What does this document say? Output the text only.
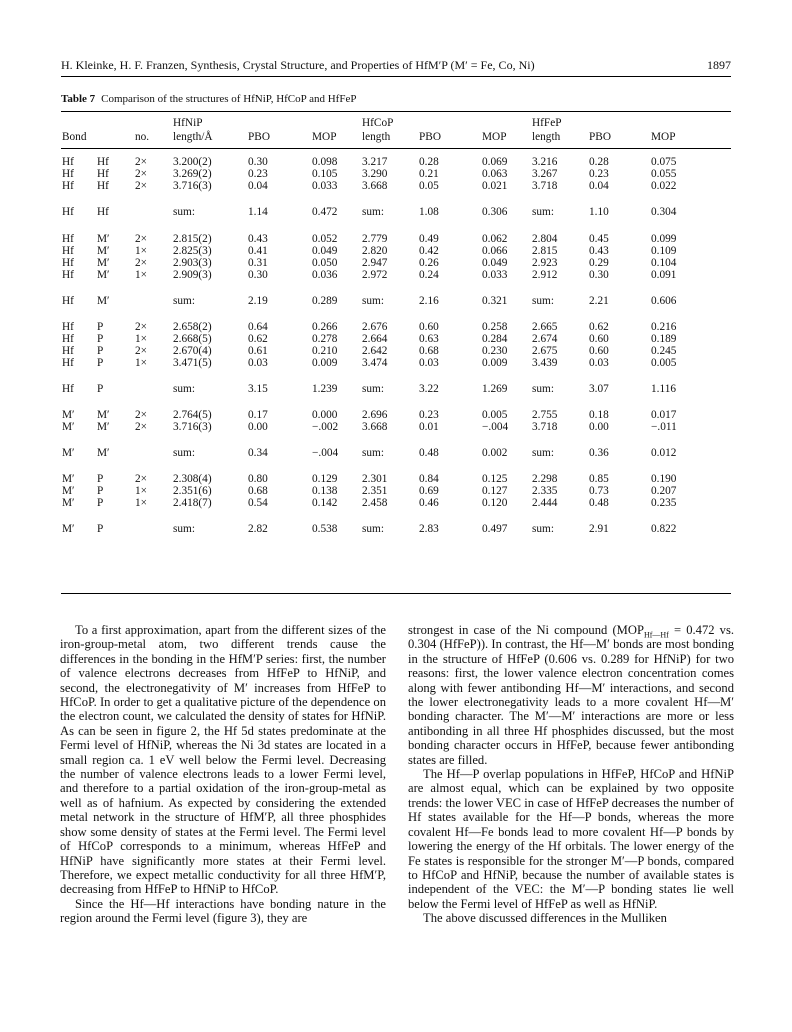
H. Kleinke, H. F. Franzen, Synthesis, Crystal Structure, and Properties of HfM′P (M′ = Fe, Co, Ni)	1897
Table 7 Comparison of the structures of HfNiP, HfCoP and HfFeP
HfNiP	HfCoP	HfFeP
Bond	no. length/Å	PBO	MOP length	PBO	MOP length	PBO	MOP
Hf Hf 2× 3.200(2)	0.30	0.098 3.217	0.28	0.069 3.216	0.28	0.075
Hf Hf 2× 3.269(2)	0.23	0.105 3.290	0.21	0.063 3.267	0.23	0.055
Hf Hf 2× 3.716(3)	0.04	0.033 3.668	0.05	0.021 3.718	0.04	0.022
Hf Hf	sum:	1.14	0.472 sum:	1.08	0.306 sum:	1.10	0.304
Hf M′ 2× 2.815(2)	0.43	0.052 2.779	0.49	0.062 2.804	0.45	0.099
Hf M′ 1× 2.825(3)	0.41	0.049 2.820	0.42	0.066 2.815	0.43	0.109
Hf M′ 2× 2.903(3)	0.31	0.050 2.947	0.26	0.049 2.923	0.29	0.104
Hf M′ 1× 2.909(3)	0.30	0.036 2.972	0.24	0.033 2.912	0.30	0.091
Hf M′	sum:	2.19	0.289 sum:	2.16	0.321 sum:	2.21	0.606
Hf P	2× 2.658(2)	0.64	0.266 2.676	0.60	0.258 2.665	0.62	0.216
Hf P	1× 2.668(5)	0.62	0.278 2.664	0.63	0.284 2.674	0.60	0.189
Hf P	2× 2.670(4)	0.61	0.210 2.642	0.68	0.230 2.675	0.60	0.245
Hf P	1× 3.471(5)	0.03	0.009 3.474	0.03	0.009 3.439	0.03	0.005
Hf P	sum:	3.15	1.239 sum:	3.22	1.269 sum:	3.07	1.116
M′ M′ 2× 2.764(5)	0.17	0.000 2.696	0.23	0.005 2.755	0.18	0.017
M′ M′ 2× 3.716(3)	0.00	−.002 3.668	0.01	−.004 3.718	0.00	−.011
M′ M′	sum:	0.34	−.004 sum:	0.48	0.002 sum:	0.36	0.012
M′ P	2× 2.308(4)	0.80	0.129 2.301	0.84	0.125 2.298	0.85	0.190
M′ P	1× 2.351(6)	0.68	0.138 2.351	0.69	0.127 2.335	0.73	0.207
M′ P	1× 2.418(7)	0.54	0.142 2.458	0.46	0.120 2.444	0.48	0.235
M′ P	sum:	2.82	0.538 sum:	2.83	0.497 sum:	2.91	0.822

To a first approximation, apart from the different sizes of the iron-group-metal atom, two different trends cause the differences in the bonding in the HfM′P series: first, the number of valence electrons decreases from HfFeP to HfNiP, and second, the electronegativity of M′ increases from HfFeP to HfCoP. In order to get a qualitative picture of the dependence on the electron count, we calculated the density of states for HfNiP. As can be seen in figure 2, the Hf 5d states predominate at the Fermi level of HfNiP, whereas the Ni 3d states are located in a small region ca. 1 eV well below the Fermi level. Decreasing the number of valence electrons leads to a lower Fermi level, and therefore to a partial oxidation of the iron-group-metal as well as of hafnium. As expected by considering the extended metal network in the structure of HfM′P, all three phosphides show some density of states at the Fermi level. The Fermi level of HfCoP corresponds to a minimum, whereas HfFeP and HfNiP have significantly more states at their Fermi level. Therefore, we expect metallic conductivity for all three HfM′P, decreasing from HfFeP to HfNiP to HfCoP.

Since the Hf—Hf interactions have bonding nature in the region around the Fermi level (figure 3), they are

strongest in case of the Ni compound ($MOP_{Hf—Hf} = 0.472$ vs. 0.304 (HfFeP)). In contrast, the Hf—M′ bonds are most bonding in the structure of HfFeP (0.606 vs. 0.289 for HfNiP) for two reasons: first, the lower valence electron concentration comes along with fewer antibonding Hf—M′ interactions, and second the lower electronegativity leads to a more covalent Hf—M′ bonding character. The M′—M′ interactions are more or less antibonding in all three Hf phosphides discussed, but the most bonding character occurs in HfFeP, because fewer antibonding states are filled.

The Hf—P overlap populations in HfFeP, HfCoP and HfNiP are almost equal, which can be explained by two opposite trends: the lower VEC in case of HfFeP decreases the number of Hf states available for the Hf—P bonds, whereas the more covalent Hf—Fe bonds lead to more covalent Hf—P bonds by lowering the energy of the Hf orbitals. The lower energy of the Fe states is responsible for the stronger M′—P bonds, compared to HfCoP and HfNiP, because the number of available states is independent of the VEC: the M′—P bonding states lie well below the Fermi level of HfFeP as well as HfNiP.

The above discussed differences in the Mulliken
